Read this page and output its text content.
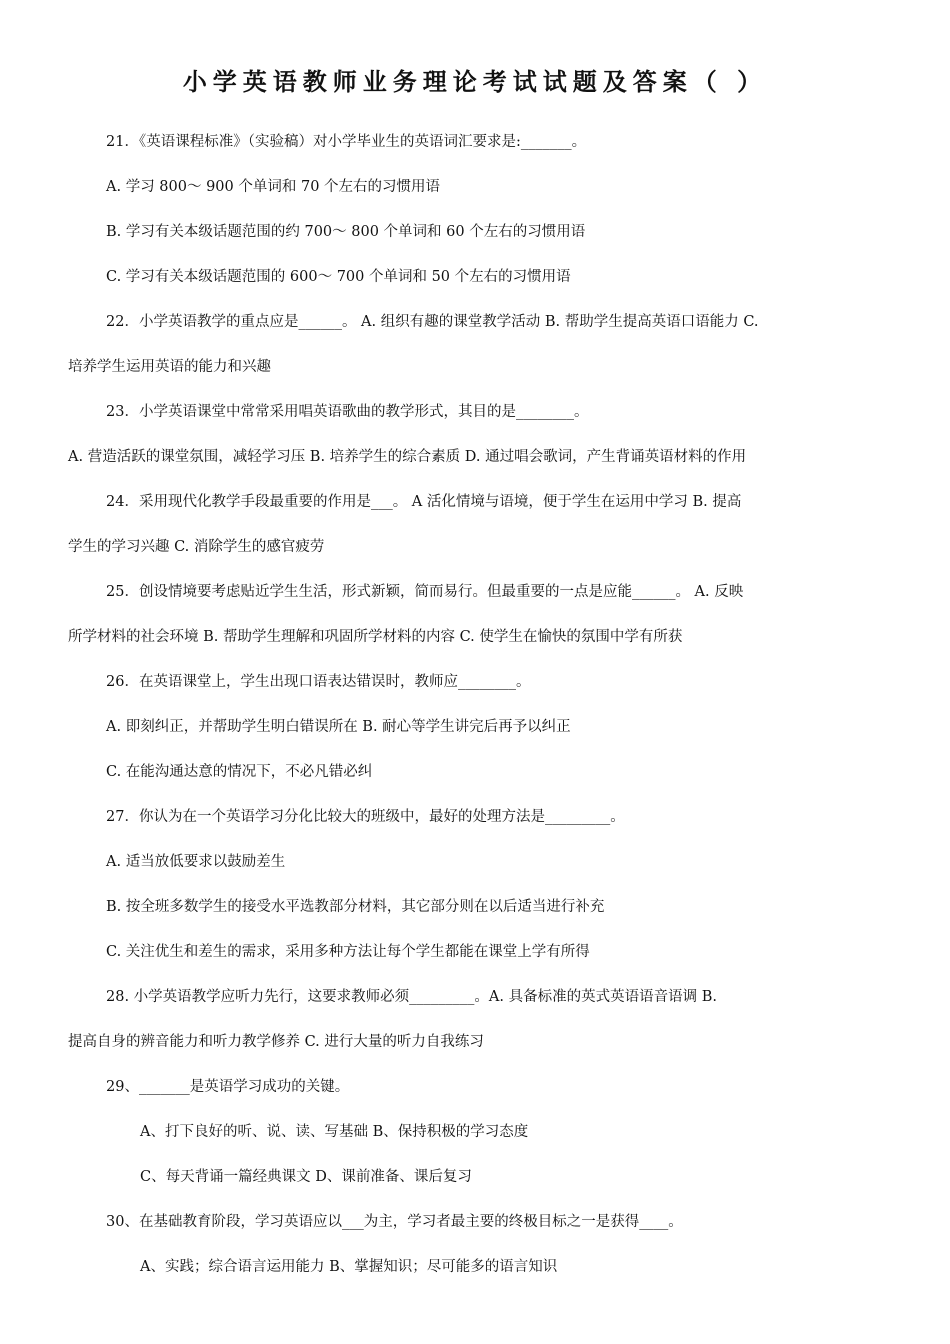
小学英语教师业务理论考试试题及答案（ ）
21．《英语课程标准》（实验稿）对小学毕业生的英语词汇要求是:_______。
A. 学习 800～ 900 个单词和 70 个左右的习惯用语
B. 学习有关本级话题范围的约 700～ 800 个单词和 60 个左右的习惯用语
C. 学习有关本级话题范围的 600～ 700 个单词和 50 个左右的习惯用语
22．小学英语教学的重点应是______。 A. 组织有趣的课堂教学活动 B. 帮助学生提高英语口语能力 C.
培养学生运用英语的能力和兴趣
23．小学英语课堂中常常采用唱英语歌曲的教学形式，其目的是________。
A. 营造活跃的课堂氛围，减轻学习压 B. 培养学生的综合素质 D. 通过唱会歌词，产生背诵英语材料的作用
24．采用现代化教学手段最重要的作用是___。 A 活化情境与语境，便于学生在运用中学习 B. 提高
学生的学习兴趣 C. 消除学生的感官疲劳
25．创设情境要考虑贴近学生生活，形式新颖，简而易行。但最重要的一点是应能______。 A. 反映
所学材料的社会环境 B. 帮助学生理解和巩固所学材料的内容 C. 使学生在愉快的氛围中学有所获
26．在英语课堂上，学生出现口语表达错误时，教师应________。
A. 即刻纠正，并帮助学生明白错误所在 B. 耐心等学生讲完后再予以纠正
C. 在能沟通达意的情况下，不必凡错必纠
27．你认为在一个英语学习分化比较大的班级中，最好的处理方法是_________。
A. 适当放低要求以鼓励差生
B. 按全班多数学生的接受水平选教部分材料，其它部分则在以后适当进行补充
C. 关注优生和差生的需求，采用多种方法让每个学生都能在课堂上学有所得
28. 小学英语教学应听力先行，这要求教师必须_________。A. 具备标准的英式英语语音语调 B.
提高自身的辨音能力和听力教学修养 C. 进行大量的听力自我练习
29、_______是英语学习成功的关键。
A、打下良好的听、说、读、写基础 B、保持积极的学习态度
C、每天背诵一篇经典课文 D、课前准备、课后复习
30、在基础教育阶段，学习英语应以___为主，学习者最主要的终极目标之一是获得____。
A、实践；综合语言运用能力 B、掌握知识；尽可能多的语言知识
